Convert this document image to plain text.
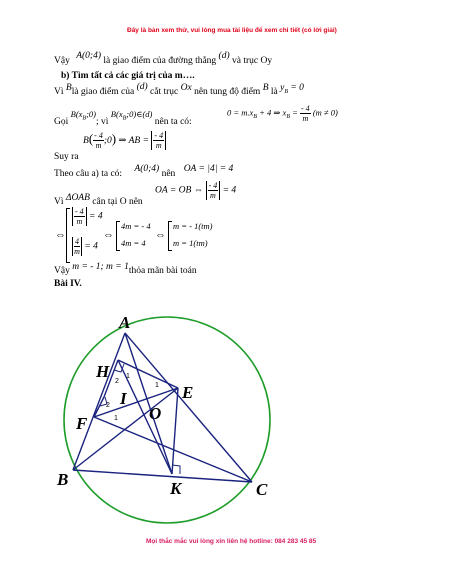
Đây là bản xem thử, vui lòng mua tài liệu để xem chi tiết (có lời giải)
Vậy A(0;4) là giao điểm của đường thẳng (d) và trục Oy
b) Tìm tất cả các giá trị của m….
Vì Blà giao điểm của (d) cắt trục Ox nên tung độ điểm B là $y_B = 0$
Gọi $B(x_B;0)$; vì $B(x_B;0)\in(d)$ nên ta có:
$0 = m.x_B + 4$ ⇒ $x_B = \frac{- 4}{m} (m \ne 0)$
Suy ra
$B( \frac{- 4}{m}$ ;0) ⇒ AB = $\frac{- 4}{m}$
Theo câu a) ta có: A(0;4) nên OA = |4| = 4
OA = OB ⇔ $\frac{- 4}{m} = 4$
Vì ΔOAB cân tại O nên
⇔
$\frac{- 4}{m} = 4$
$\frac{4}{m} = 4$
⇔
4m = - 4
4m = 4
⇔
m = - 1(tm)
m = 1(tm)
Vậy m = - 1; m = 1thỏa mãn bài toán
Bài IV.
A
H
I	E
O
F
B	K	C
2
1
1
2
1
Mọi thắc mắc vui lòng xin liên hệ hotline: 084 283 45 85
